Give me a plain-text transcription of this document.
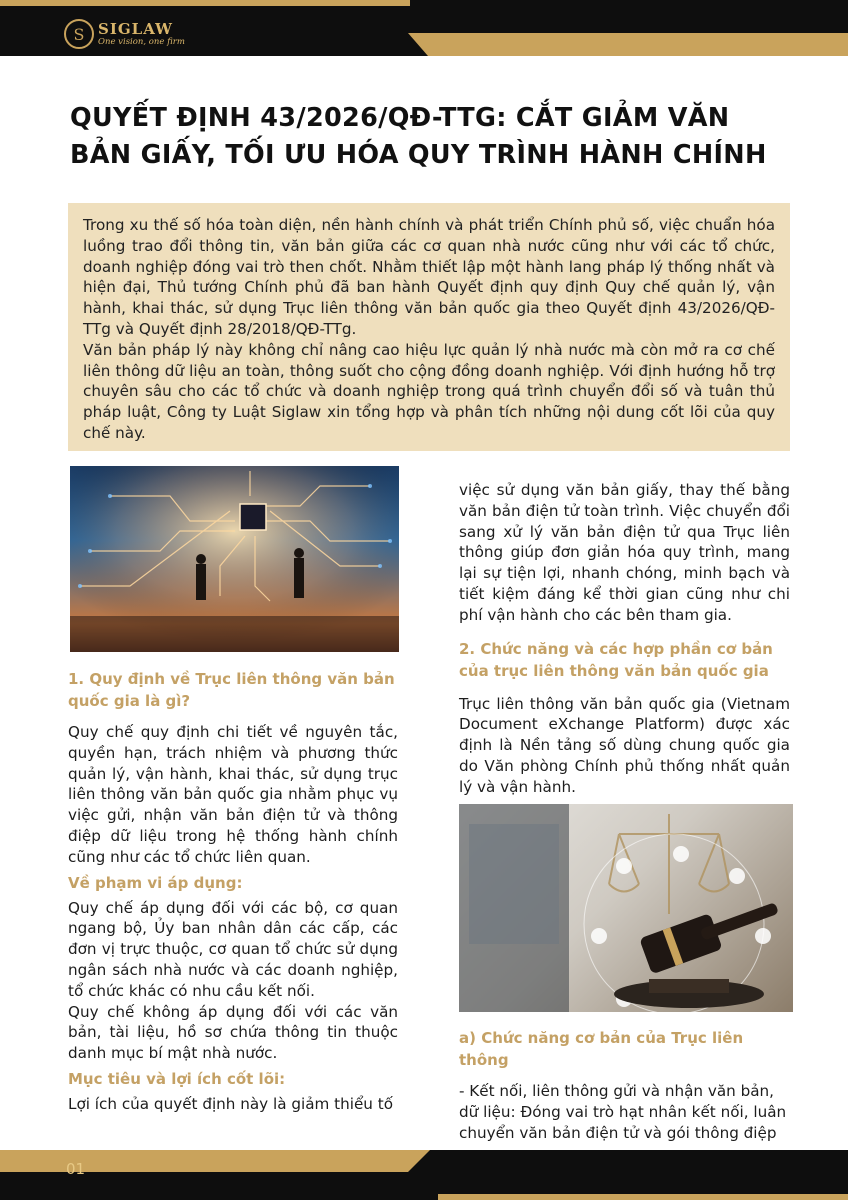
S SIGLAW
One vision, one firm
QUYẾT ĐỊNH 43/2026/QĐ-TTG: CẮT GIẢM VĂN BẢN GIẤY, TỐI ƯU HÓA QUY TRÌNH HÀNH CHÍNH

Trong xu thế số hóa toàn diện, nền hành chính và phát triển Chính phủ số, việc chuẩn hóa luồng trao đổi thông tin, văn bản giữa các cơ quan nhà nước cũng như với các tổ chức, doanh nghiệp đóng vai trò then chốt. Nhằm thiết lập một hành lang pháp lý thống nhất và hiện đại, Thủ tướng Chính phủ đã ban hành Quyết định quy định Quy chế quản lý, vận hành, khai thác, sử dụng Trục liên thông văn bản quốc gia theo Quyết định 43/2026/QĐ-TTg và Quyết định 28/2018/QĐ-TTg.

Văn bản pháp lý này không chỉ nâng cao hiệu lực quản lý nhà nước mà còn mở ra cơ chế liên thông dữ liệu an toàn, thông suốt cho cộng đồng doanh nghiệp. Với định hướng hỗ trợ chuyên sâu cho các tổ chức và doanh nghiệp trong quá trình chuyển đổi số và tuân thủ pháp luật, Công ty Luật Siglaw xin tổng hợp và phân tích những nội dung cốt lõi của quy chế này.

1. Quy định về Trục liên thông văn bản quốc gia là gì?

Quy chế quy định chi tiết về nguyên tắc, quyền hạn, trách nhiệm và phương thức quản lý, vận hành, khai thác, sử dụng trục liên thông văn bản quốc gia nhằm phục vụ việc gửi, nhận văn bản điện tử và thông điệp dữ liệu trong hệ thống hành chính cũng như các tổ chức liên quan.

Về phạm vi áp dụng:

Quy chế áp dụng đối với các bộ, cơ quan ngang bộ, Ủy ban nhân dân các cấp, các đơn vị trực thuộc, cơ quan tổ chức sử dụng ngân sách nhà nước và các doanh nghiệp, tổ chức khác có nhu cầu kết nối.

Quy chế không áp dụng đối với các văn bản, tài liệu, hồ sơ chứa thông tin thuộc danh mục bí mật nhà nước.

Mục tiêu và lợi ích cốt lõi:

Lợi ích của quyết định này là giảm thiểu tố

việc sử dụng văn bản giấy, thay thế bằng văn bản điện tử toàn trình. Việc chuyển đổi sang xử lý văn bản điện tử qua Trục liên thông giúp đơn giản hóa quy trình, mang lại sự tiện lợi, nhanh chóng, minh bạch và tiết kiệm đáng kể thời gian cũng như chi phí vận hành cho các bên tham gia.

2. Chức năng và các hợp phần cơ bản của trục liên thông văn bản quốc gia

Trục liên thông văn bản quốc gia (Vietnam Document eXchange Platform) được xác định là Nền tảng số dùng chung quốc gia do Văn phòng Chính phủ thống nhất quản lý và vận hành.

a) Chức năng cơ bản của Trục liên thông

- Kết nối, liên thông gửi và nhận văn bản, dữ liệu: Đóng vai trò hạt nhân kết nối, luân chuyển văn bản điện tử và gói thông điệp

01
